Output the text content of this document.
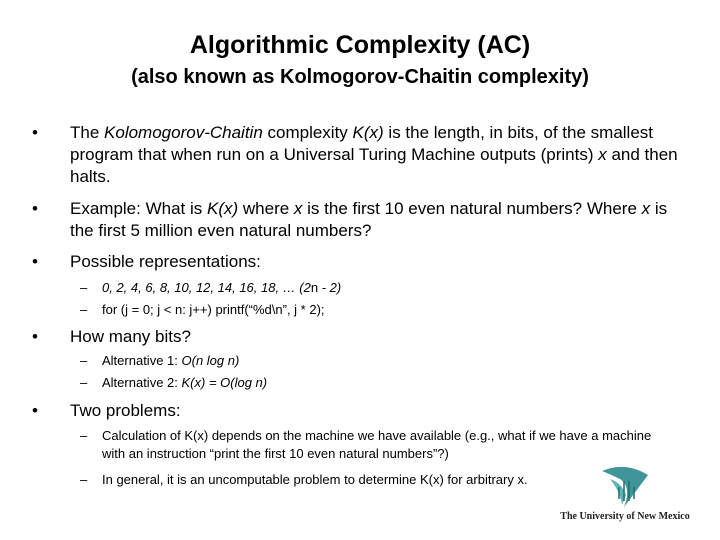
Algorithmic Complexity (AC)
(also known as Kolmogorov-Chaitin complexity)
• The Kolomogorov-Chaitin complexity K(x) is the length, in bits, of the smallest program that when run on a Universal Turing Machine outputs (prints) x and then halts.
• Example: What is K(x) where x is the first 10 even natural numbers? Where x is the first 5 million even natural numbers?
• Possible representations:
– 0, 2, 4, 6, 8, 10, 12, 14, 16, 18, … (2n - 2)
– for (j = 0; j < n: j++) printf(“%d\n”, j * 2);
• How many bits?
– Alternative 1: O(n log n)
– Alternative 2: K(x) = O(log n)
• Two problems:
– Calculation of K(x) depends on the machine we have available (e.g., what if we have a machine with an instruction “print the first 10 even natural numbers”?)
– In general, it is an uncomputable problem to determine K(x) for arbitrary x.
The University of New Mexico
